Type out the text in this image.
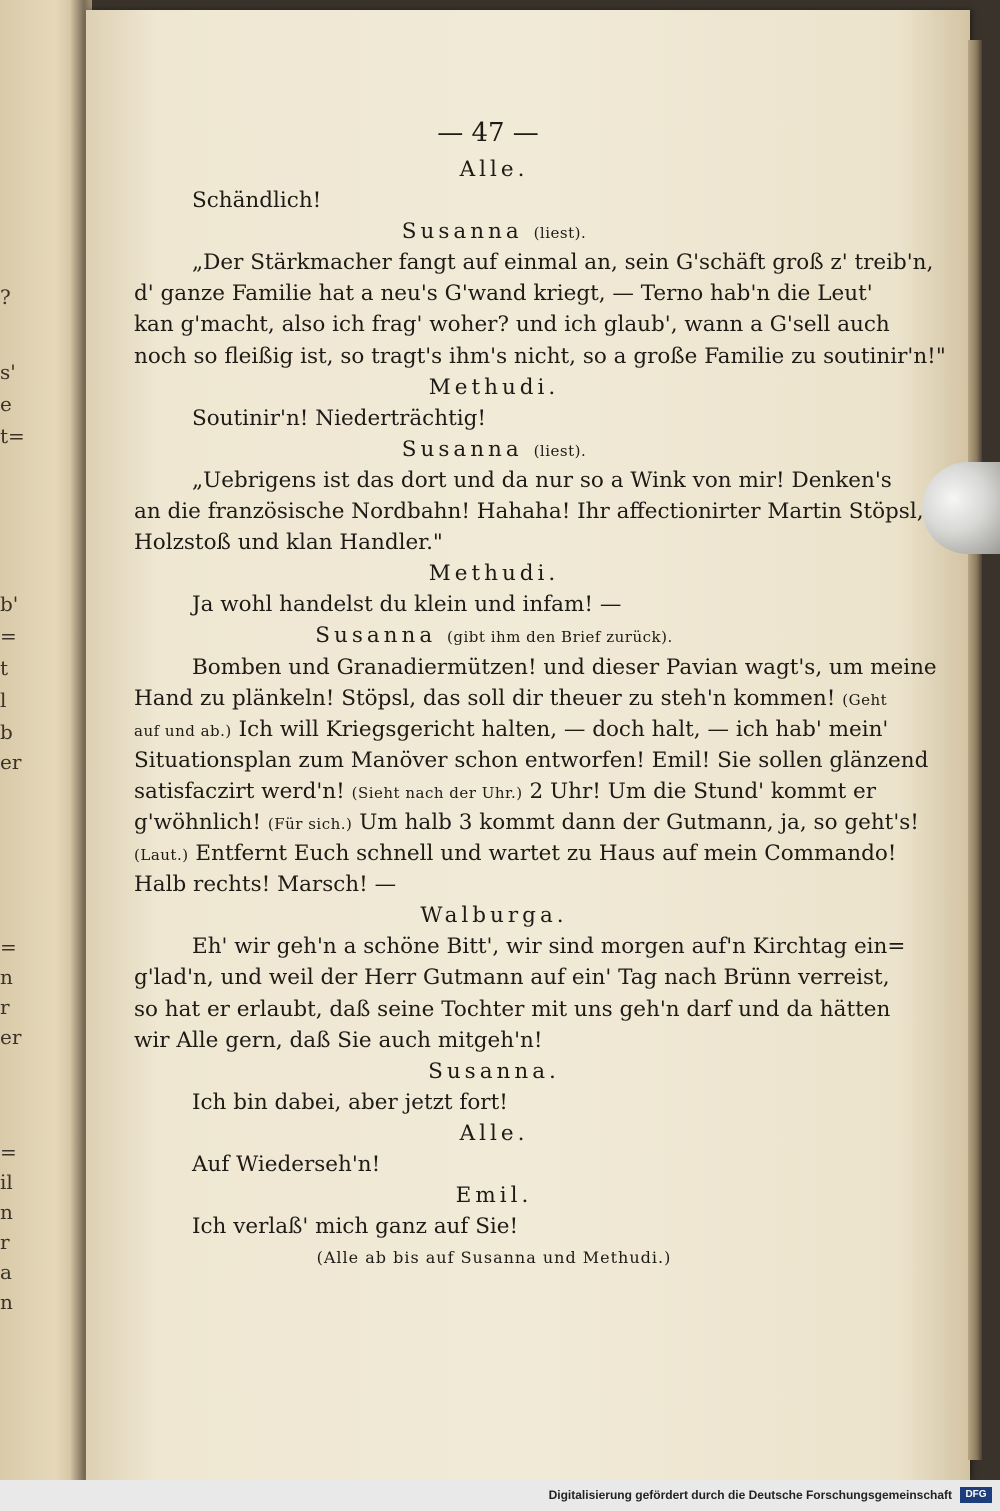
?
s'
e
t=
b'
=
t
l
b
er
=
n
r
er
=
il
n
r
a
n
— 47 —
Alle.
Schändlich!
Susanna (liest).
„Der Stärkmacher fangt auf einmal an, sein G'schäft groß z' treib'n,
d' ganze Familie hat a neu's G'wand kriegt, — Terno hab'n die Leut'
kan g'macht, also ich frag' woher? und ich glaub', wann a G'sell auch
noch so fleißig ist, so tragt's ihm's nicht, so a große Familie zu soutinir'n!"
Methudi.
Soutinir'n! Niederträchtig!
Susanna (liest).
„Uebrigens ist das dort und da nur so a Wink von mir! Denken's
an die französische Nordbahn! Hahaha! Ihr affectionirter Martin Stöpsl,
Holzstoß und klan Handler."
Methudi.
Ja wohl handelst du klein und infam! —
Susanna (gibt ihm den Brief zurück).
Bomben und Granadiermützen! und dieser Pavian wagt's, um meine
Hand zu plänkeln! Stöpsl, das soll dir theuer zu steh'n kommen! (Geht
auf und ab.) Ich will Kriegsgericht halten, — doch halt, — ich hab' mein'
Situationsplan zum Manöver schon entworfen! Emil! Sie sollen glänzend
satisfaczirt werd'n! (Sieht nach der Uhr.) 2 Uhr! Um die Stund' kommt er
g'wöhnlich! (Für sich.) Um halb 3 kommt dann der Gutmann, ja, so geht's!
(Laut.) Entfernt Euch schnell und wartet zu Haus auf mein Commando!
Halb rechts! Marsch! —
Walburga.
Eh' wir geh'n a schöne Bitt', wir sind morgen auf'n Kirchtag ein=
g'lad'n, und weil der Herr Gutmann auf ein' Tag nach Brünn verreist,
so hat er erlaubt, daß seine Tochter mit uns geh'n darf und da hätten
wir Alle gern, daß Sie auch mitgeh'n!
Susanna.
Ich bin dabei, aber jetzt fort!
Alle.
Auf Wiederseh'n!
Emil.
Ich verlaß' mich ganz auf Sie!
(Alle ab bis auf Susanna und Methudi.)
Digitalisierung gefördert durch die Deutsche Forschungsgemeinschaft	DFG
